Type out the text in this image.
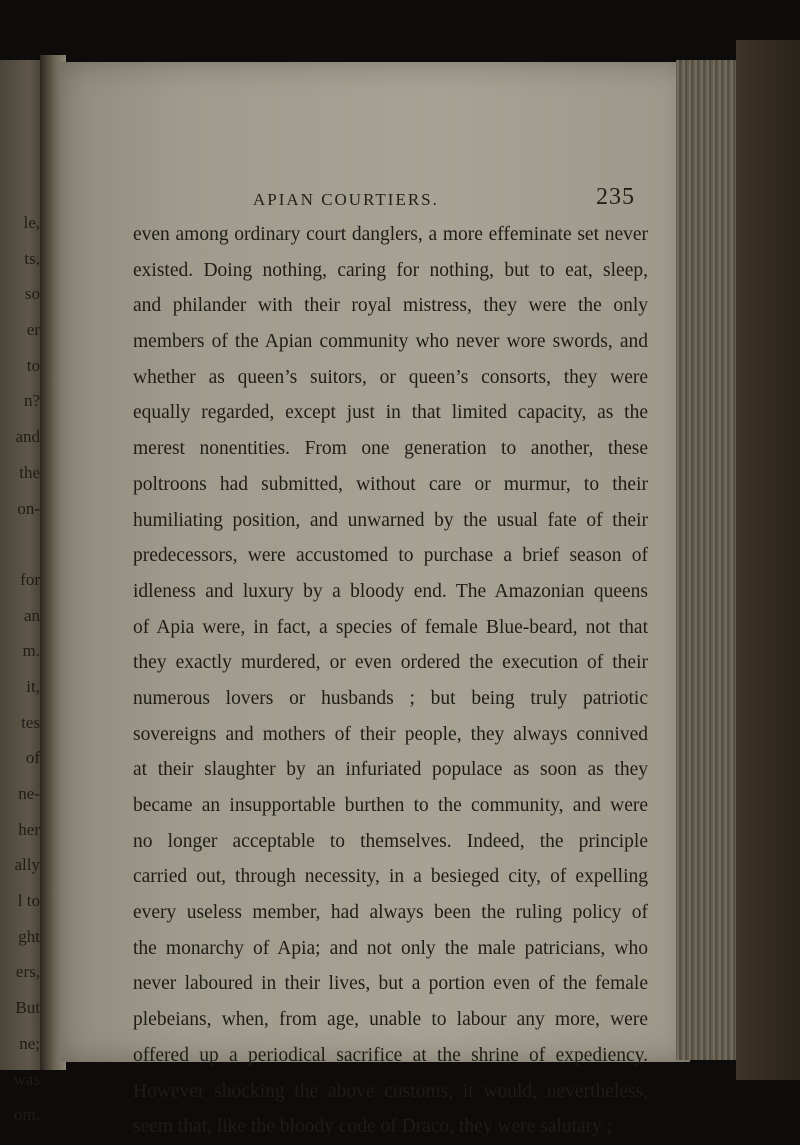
le,
ts,
so
er
to
n?
and
the
on-
for
an
m.
it,
tes
of
ne-
her
ally
l to
ght
ers,
But
ne;
was
om,
APIAN COURTIERS.	235
even among ordinary court danglers, a more effeminate set never
existed. Doing nothing, caring for nothing, but to eat, sleep,
and philander with their royal mistress, they were the only
members of the Apian community who never wore swords, and
whether as queen’s suitors, or queen’s consorts, they were
equally regarded, except just in that limited capacity, as the
merest nonentities. From one generation to another, these
poltroons had submitted, without care or murmur, to their
humiliating position, and unwarned by the usual fate of their
predecessors, were accustomed to purchase a brief season of
idleness and luxury by a bloody end. The Amazonian queens
of Apia were, in fact, a species of female Blue-beard, not that
they exactly murdered, or even ordered the execution of their
numerous lovers or husbands ; but being truly patriotic
sovereigns and mothers of their people, they always connived
at their slaughter by an infuriated populace as soon as they
became an insupportable burthen to the community, and were
no longer acceptable to themselves. Indeed, the principle
carried out, through necessity, in a besieged city, of expelling
every useless member, had always been the ruling policy of
the monarchy of Apia; and not only the male patricians, who
never laboured in their lives, but a portion even of the female
plebeians, when, from age, unable to labour any more, were
offered up a periodical sacrifice at the shrine of expediency.
However shocking the above customs, it would, nevertheless,
seem that, like the bloody code of Draco, they were salutary ;
